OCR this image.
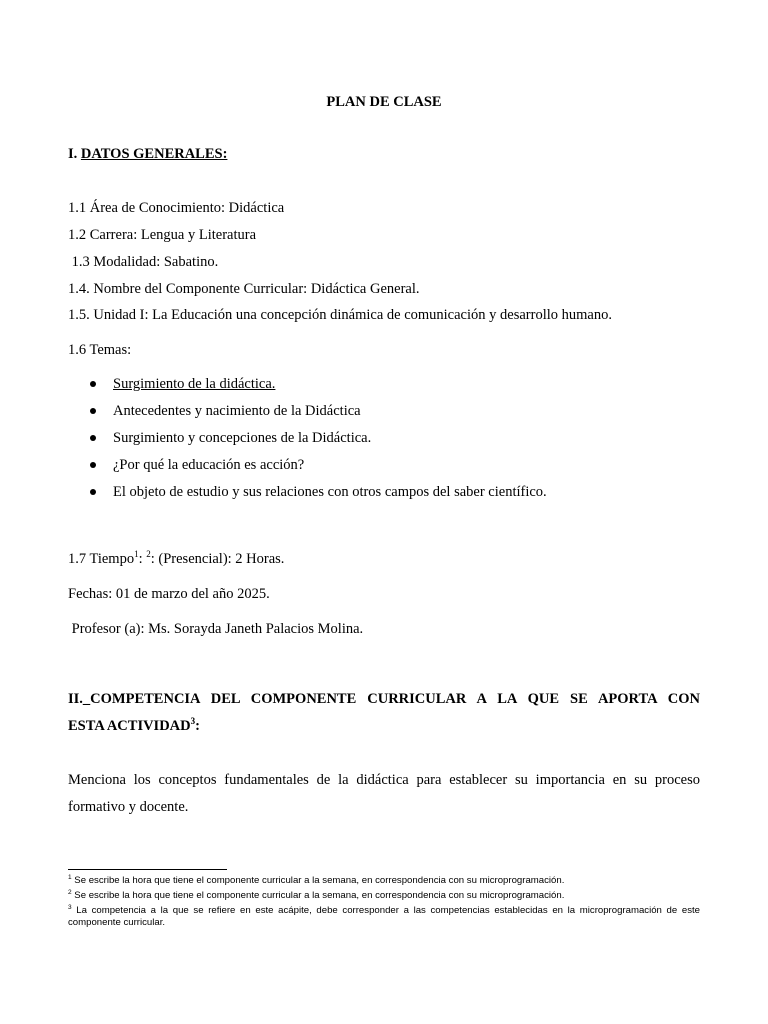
PLAN DE CLASE
I. DATOS GENERALES:
1.1 Área de Conocimiento: Didáctica
1.2 Carrera: Lengua y Literatura
1.3 Modalidad: Sabatino.
1.4. Nombre del Componente Curricular: Didáctica General.
1.5. Unidad I: La Educación una concepción dinámica de comunicación y desarrollo humano.
1.6 Temas:
Surgimiento de la didáctica.
Antecedentes y nacimiento de la Didáctica
Surgimiento y concepciones de la Didáctica.
¿Por qué la educación es acción?
El objeto de estudio y sus relaciones con otros campos del saber científico.
1.7 Tiempo$^1$: $^2$: (Presencial): 2 Horas.
Fechas: 01 de marzo del año 2025.
Profesor (a): Ms. Sorayda Janeth Palacios Molina.
II._COMPETENCIA DEL COMPONENTE CURRICULAR A LA QUE SE APORTA CON
ESTA ACTIVIDAD$^3$:
Menciona los conceptos fundamentales de la didáctica para establecer su importancia en su proceso
formativo y docente.
$^1$ Se escribe la hora que tiene el componente curricular a la semana, en correspondencia con su microprogramación.
$^2$ Se escribe la hora que tiene el componente curricular a la semana, en correspondencia con su microprogramación.
$^3$ La competencia a la que se refiere en este acápite, debe corresponder a las competencias establecidas en la microprogramación de este
componente curricular.
